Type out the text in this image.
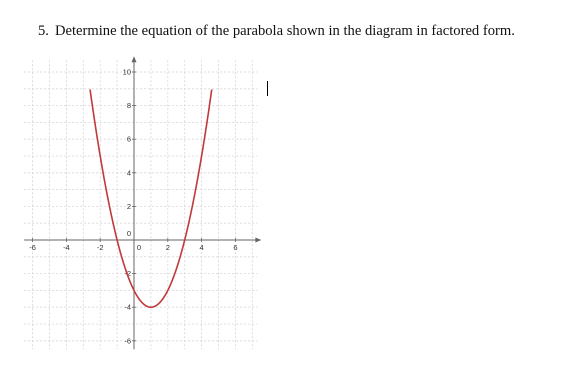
5. Determine the equation of the parabola shown in the diagram in factored form.
-6	-4	-2	0	2	4	6
-6
-4
-2
0
2
4
6
8
10
